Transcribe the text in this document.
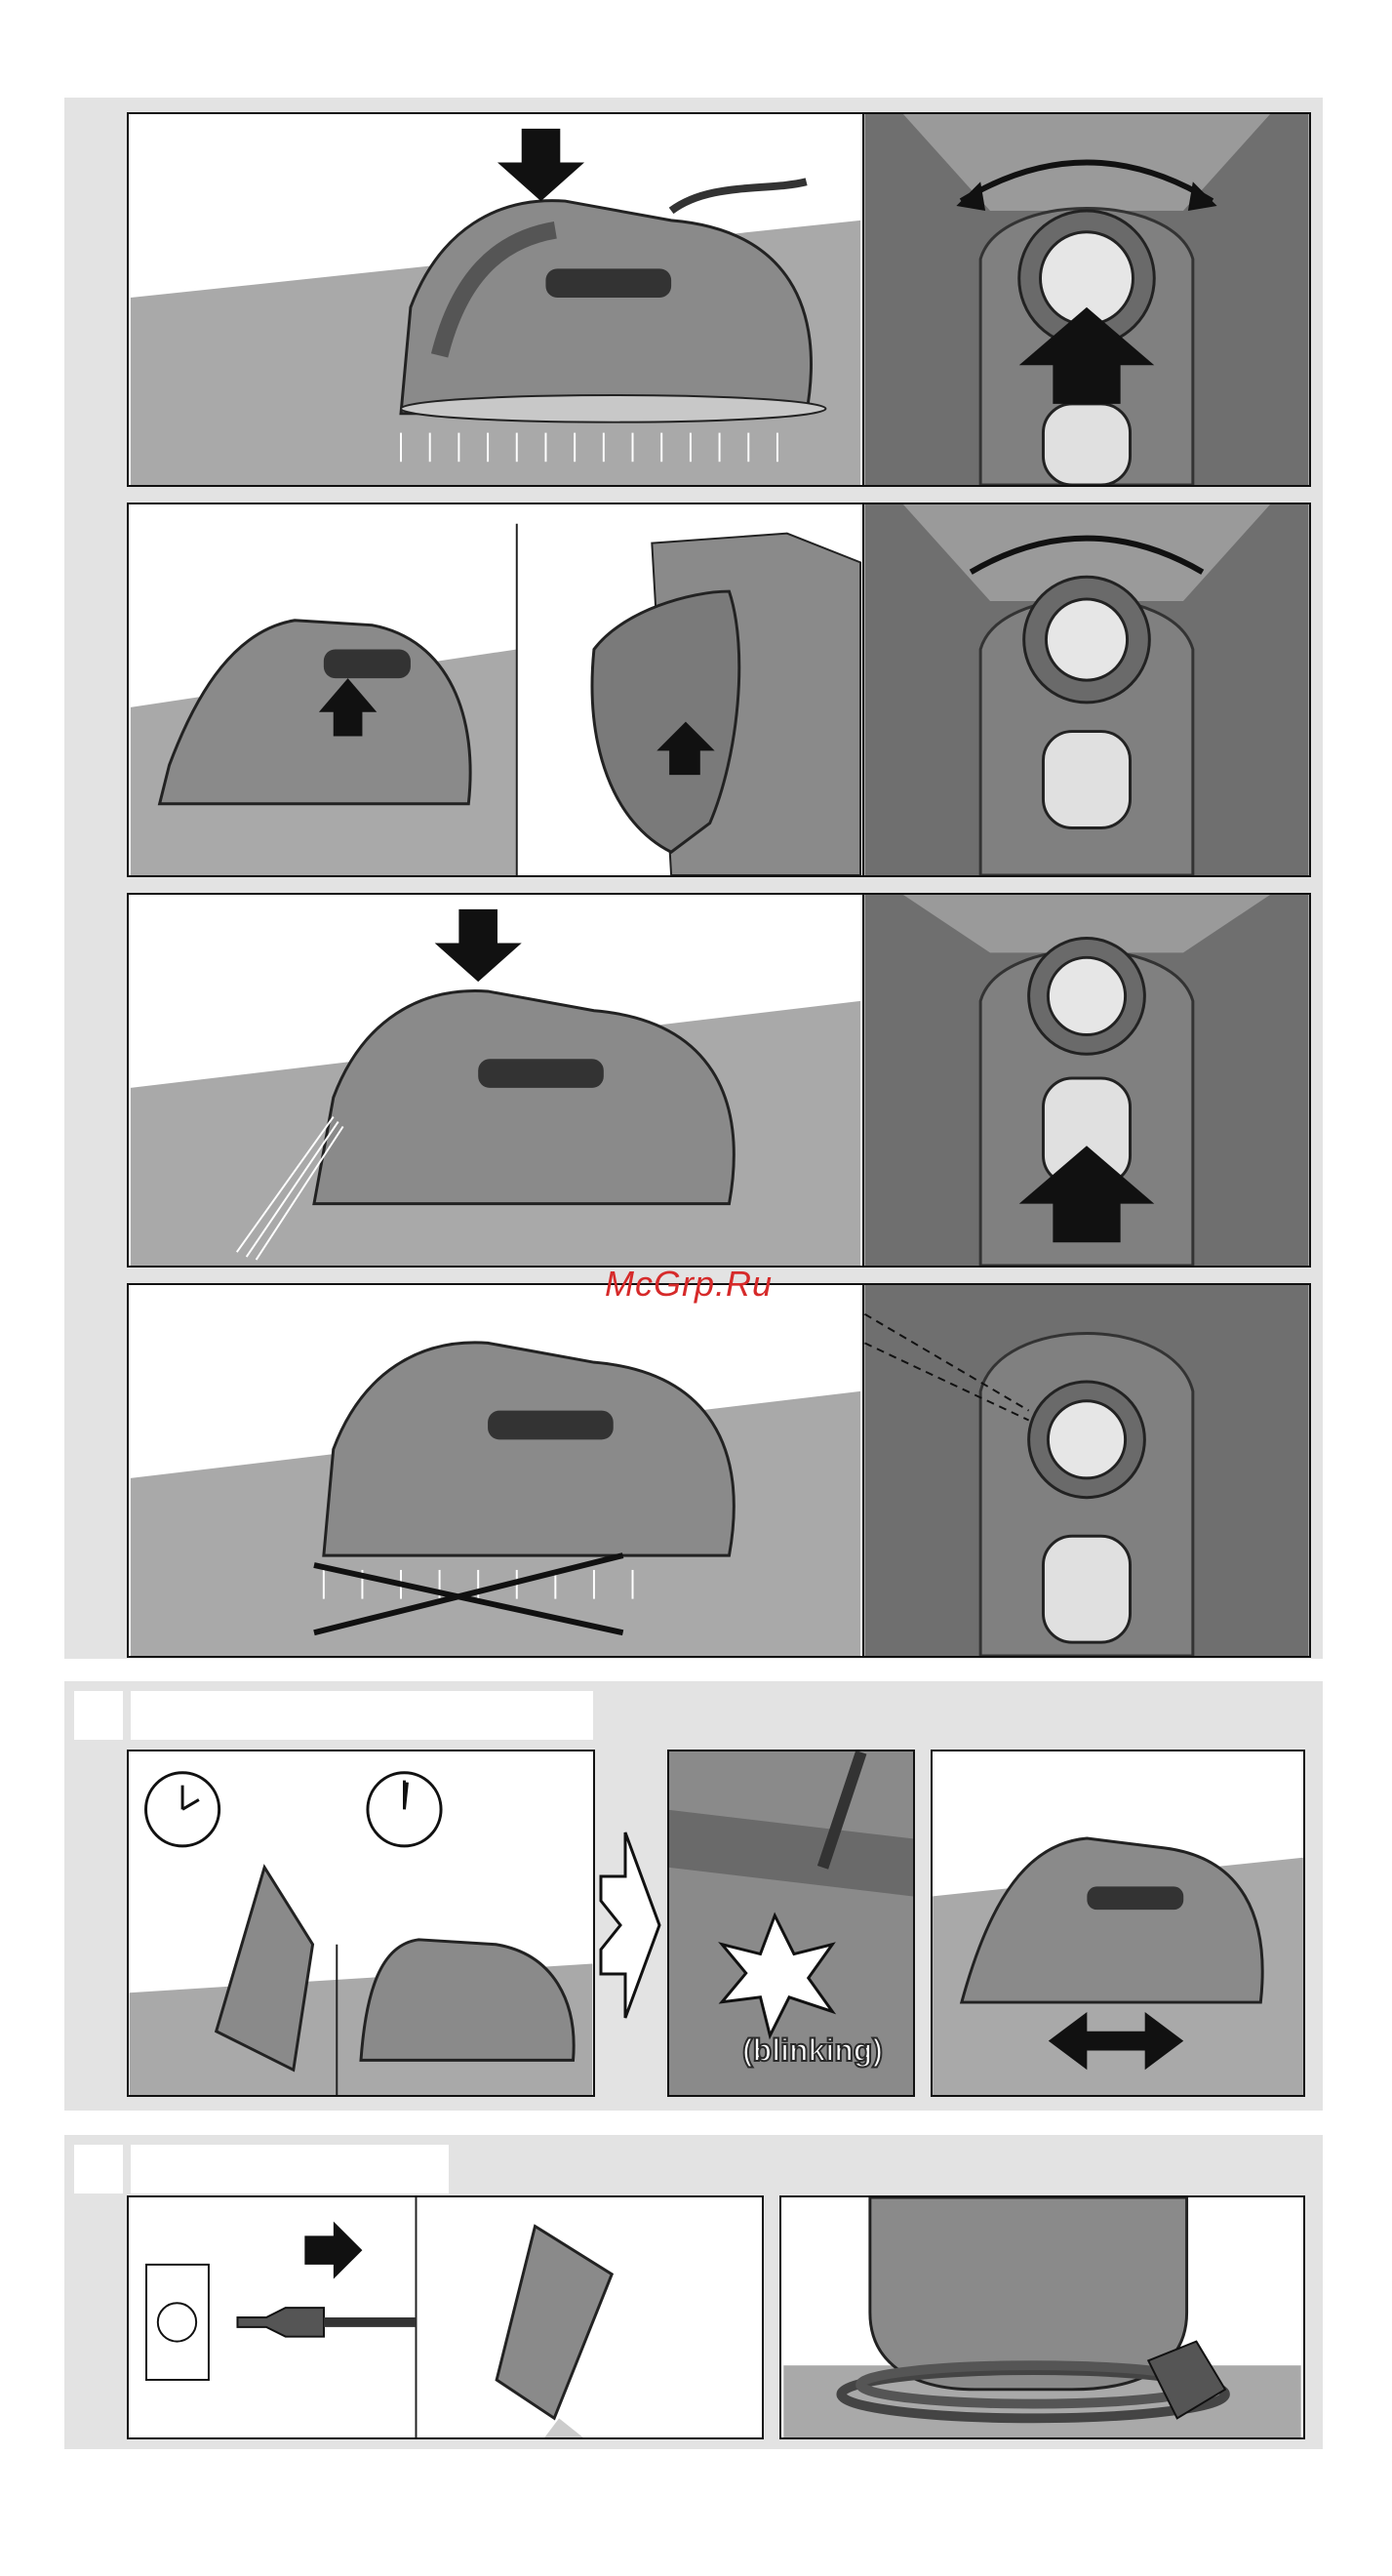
McGrp.Ru
(blinking)
